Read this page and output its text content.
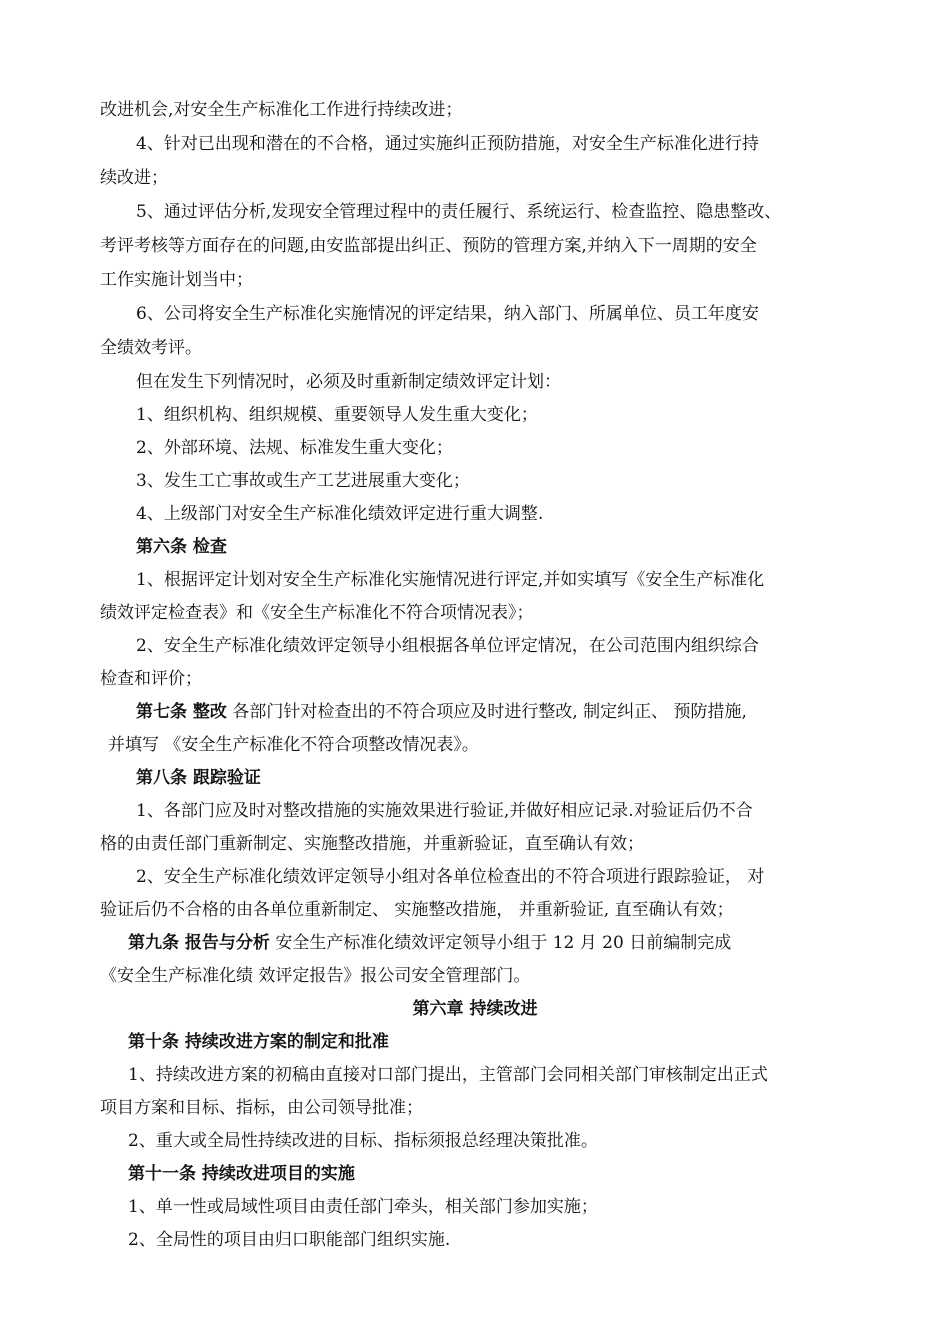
改进机会,对安全生产标准化工作进行持续改进；
4、针对已出现和潜在的不合格，通过实施纠正预防措施，对安全生产标准化进行持
续改进；
5、通过评估分析,发现安全管理过程中的责任履行、系统运行、检查监控、隐患整改、
考评考核等方面存在的问题,由安监部提出纠正、预防的管理方案,并纳入下一周期的安全
工作实施计划当中；
6、公司将安全生产标准化实施情况的评定结果，纳入部门、所属单位、员工年度安
全绩效考评。
但在发生下列情况时，必须及时重新制定绩效评定计划：
1、组织机构、组织规模、重要领导人发生重大变化；
2、外部环境、法规、标准发生重大变化；
3、发生工亡事故或生产工艺进展重大变化；
4、上级部门对安全生产标准化绩效评定进行重大调整.
第六条 检查
1、根据评定计划对安全生产标准化实施情况进行评定,并如实填写《安全生产标准化
绩效评定检查表》和《安全生产标准化不符合项情况表》；
2、安全生产标准化绩效评定领导小组根据各单位评定情况，在公司范围内组织综合
检查和评价；
第七条 整改 各部门针对检查出的不符合项应及时进行整改, 制定纠正、 预防措施,
并填写 《安全生产标准化不符合项整改情况表》。
第八条 跟踪验证
1、各部门应及时对整改措施的实施效果进行验证,并做好相应记录.对验证后仍不合
格的由责任部门重新制定、实施整改措施，并重新验证，直至确认有效；
2、安全生产标准化绩效评定领导小组对各单位检查出的不符合项进行跟踪验证， 对
验证后仍不合格的由各单位重新制定、 实施整改措施， 并重新验证, 直至确认有效；
第九条 报告与分析 安全生产标准化绩效评定领导小组于 12 月 20 日前编制完成
《安全生产标准化绩 效评定报告》报公司安全管理部门。
第六章 持续改进
第十条 持续改进方案的制定和批准
1、持续改进方案的初稿由直接对口部门提出，主管部门会同相关部门审核制定出正式
项目方案和目标、指标，由公司领导批准；
2、重大或全局性持续改进的目标、指标须报总经理决策批准。
第十一条 持续改进项目的实施
1、单一性或局域性项目由责任部门牵头，相关部门参加实施；
2、全局性的项目由归口职能部门组织实施.
